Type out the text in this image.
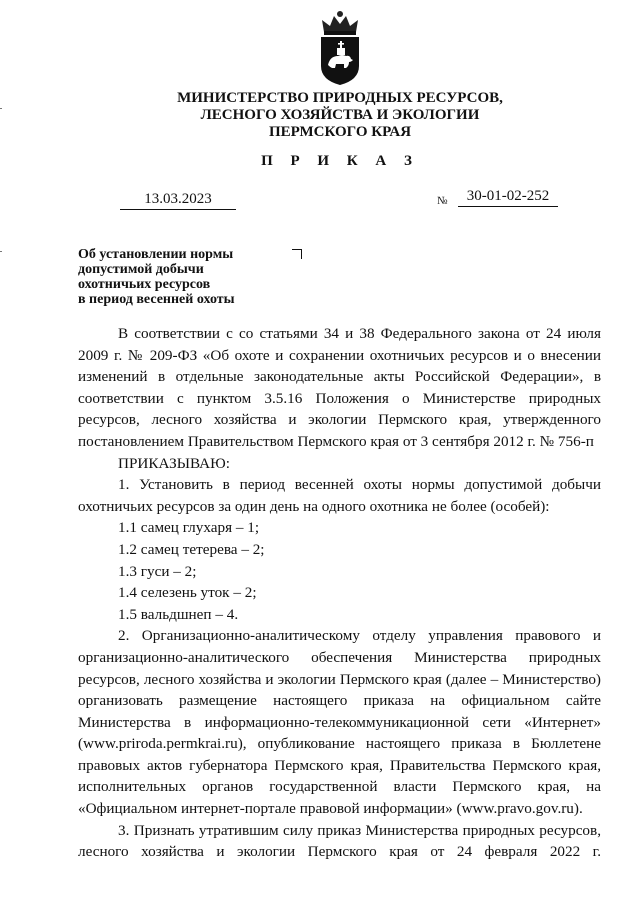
МИНИСТЕРСТВО ПРИРОДНЫХ РЕСУРСОВ,
ЛЕСНОГО ХОЗЯЙСТВА И ЭКОЛОГИИ
ПЕРМСКОГО КРАЯ
П Р И К А З
13.03.2023	№	30-01-02-252
Об установлении нормы
допустимой добычи
охотничьих ресурсов
в период весенней охоты

В соответствии с со статьями 34 и 38 Федерального закона от 24 июля 2009 г. № 209-ФЗ «Об охоте и сохранении охотничьих ресурсов и о внесении изменений в отдельные законодательные акты Российской Федерации», в соответствии с пунктом 3.5.16 Положения о Министерстве природных ресурсов, лесного хозяйства и экологии Пермского края, утвержденного постановлением Правительством Пермского края от 3 сентября 2012 г. № 756-п

ПРИКАЗЫВАЮ:

1. Установить в период весенней охоты нормы допустимой добычи охотничьих ресурсов за один день на одного охотника не более (особей):

1.1 самец глухаря – 1;

1.2 самец тетерева – 2;

1.3 гуси – 2;

1.4 селезень уток – 2;

1.5 вальдшнеп – 4.

2. Организационно-аналитическому отделу управления правового и организационно-аналитического обеспечения Министерства природных ресурсов, лесного хозяйства и экологии Пермского края (далее – Министерство) организовать размещение настоящего приказа на официальном сайте Министерства в информационно-телекоммуникационной сети «Интернет» (www.priroda.permkrai.ru), опубликование настоящего приказа в Бюллетене правовых актов губернатора Пермского края, Правительства Пермского края, исполнительных органов государственной власти Пермского края, на «Официальном интернет-портале правовой информации» (www.pravo.gov.ru).

3. Признать утратившим силу приказ Министерства природных ресурсов, лесного хозяйства и экологии Пермского края от 24 февраля 2022 г.
